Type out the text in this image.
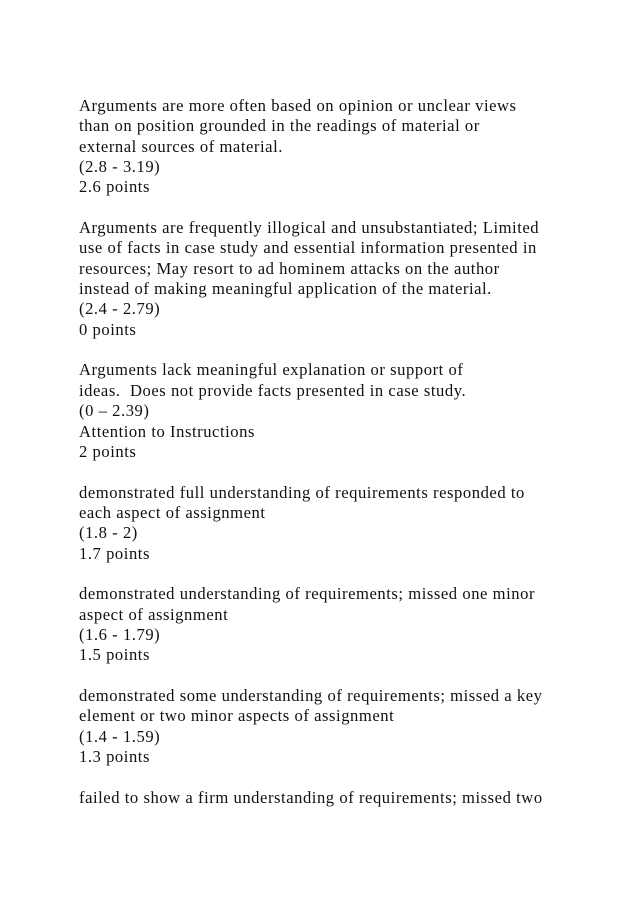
Arguments are more often based on opinion or unclear views
than on position grounded in the readings of material or
external sources of material.
(2.8 - 3.19)
2.6 points
Arguments are frequently illogical and unsubstantiated; Limited
use of facts in case study and essential information presented in
resources; May resort to ad hominem attacks on the author
instead of making meaningful application of the material.
(2.4 - 2.79)
0 points
Arguments lack meaningful explanation or support of
ideas.  Does not provide facts presented in case study.
(0 – 2.39)
Attention to Instructions
2 points
demonstrated full understanding of requirements responded to
each aspect of assignment
(1.8 - 2)
1.7 points
demonstrated understanding of requirements; missed one minor
aspect of assignment
(1.6 - 1.79)
1.5 points
demonstrated some understanding of requirements; missed a key
element or two minor aspects of assignment
(1.4 - 1.59)
1.3 points
failed to show a firm understanding of requirements; missed two
